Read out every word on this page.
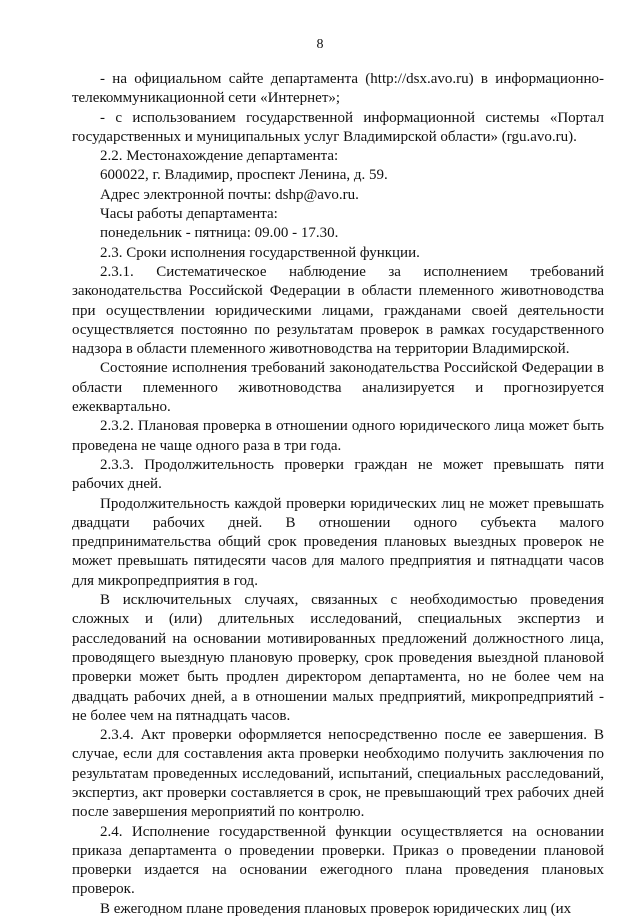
8

- на официальном сайте департамента (http://dsx.avo.ru) в информационно-телекоммуникационной сети «Интернет»;

- с использованием государственной информационной системы «Портал государственных и муниципальных услуг Владимирской области» (rgu.avo.ru).

2.2. Местонахождение департамента:

600022, г. Владимир, проспект Ленина, д. 59.

Адрес электронной почты: dshp@avo.ru.

Часы работы департамента:

понедельник - пятница: 09.00 - 17.30.

2.3. Сроки исполнения государственной функции.

2.3.1. Систематическое наблюдение за исполнением требований законодательства Российской Федерации в области племенного животноводства при осуществлении юридическими лицами, гражданами своей деятельности осуществляется постоянно по результатам проверок в рамках государственного надзора в области племенного животноводства на территории Владимирской.

Состояние исполнения требований законодательства Российской Федерации в области племенного животноводства анализируется и прогнозируется ежеквартально.

2.3.2. Плановая проверка в отношении одного юридического лица может быть проведена не чаще одного раза в три года.

2.3.3. Продолжительность проверки граждан не может превышать пяти рабочих дней.

Продолжительность каждой проверки юридических лиц не может превышать двадцати рабочих дней. В отношении одного субъекта малого предпринимательства общий срок проведения плановых выездных проверок не может превышать пятидесяти часов для малого предприятия и пятнадцати часов для микропредприятия в год.

В исключительных случаях, связанных с необходимостью проведения сложных и (или) длительных исследований, специальных экспертиз и расследований на основании мотивированных предложений должностного лица, проводящего выездную плановую проверку, срок проведения выездной плановой проверки может быть продлен директором департамента, но не более чем на двадцать рабочих дней, а в отношении малых предприятий, микропредприятий - не более чем на пятнадцать часов.

2.3.4. Акт проверки оформляется непосредственно после ее завершения. В случае, если для составления акта проверки необходимо получить заключения по результатам проведенных исследований, испытаний, специальных расследований, экспертиз, акт проверки составляется в срок, не превышающий трех рабочих дней после завершения мероприятий по контролю.

2.4. Исполнение государственной функции осуществляется на основании приказа департамента о проведении проверки. Приказ о проведении плановой проверки издается на основании ежегодного плана проведения плановых проверок.

В ежегодном плане проведения плановых проверок юридических лиц (их
